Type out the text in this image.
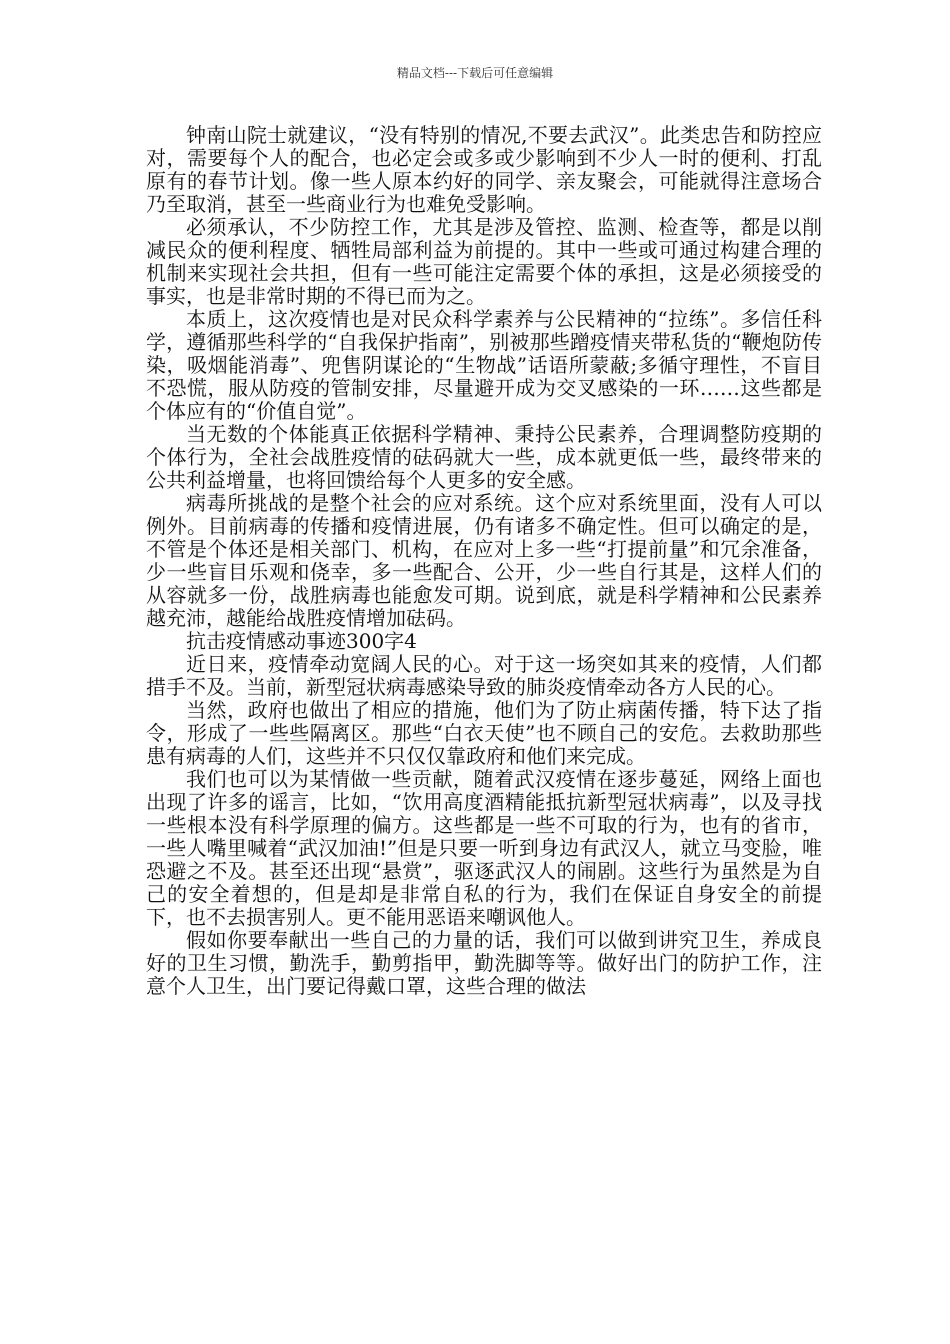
精品文档---下载后可任意编辑

钟南山院士就建议，“没有特别的情况,不要去武汉”。此类忠告和防控应对，需要每个人的配合，也必定会或多或少影响到不少人一时的便利、打乱原有的春节计划。像一些人原本约好的同学、亲友聚会，可能就得注意场合乃至取消，甚至一些商业行为也难免受影响。

必须承认，不少防控工作，尤其是涉及管控、监测、检查等，都是以削减民众的便利程度、牺牲局部利益为前提的。其中一些或可通过构建合理的机制来实现社会共担，但有一些可能注定需要个体的承担，这是必须接受的事实，也是非常时期的不得已而为之。

本质上，这次疫情也是对民众科学素养与公民精神的“拉练”。多信任科学，遵循那些科学的“自我保护指南”，别被那些蹭疫情夹带私货的“鞭炮防传染，吸烟能消毒”、兜售阴谋论的“生物战”话语所蒙蔽;多循守理性，不盲目不恐慌，服从防疫的管制安排，尽量避开成为交叉感染的一环……这些都是个体应有的“价值自觉”。

当无数的个体能真正依据科学精神、秉持公民素养，合理调整防疫期的个体行为，全社会战胜疫情的砝码就大一些，成本就更低一些，最终带来的公共利益增量，也将回馈给每个人更多的安全感。

病毒所挑战的是整个社会的应对系统。这个应对系统里面，没有人可以例外。目前病毒的传播和疫情进展，仍有诸多不确定性。但可以确定的是，不管是个体还是相关部门、机构，在应对上多一些“打提前量”和冗余准备，少一些盲目乐观和侥幸，多一些配合、公开，少一些自行其是，这样人们的从容就多一份，战胜病毒也能愈发可期。说到底，就是科学精神和公民素养越充沛，越能给战胜疫情增加砝码。

抗击疫情感动事迹300字4

近日来，疫情牵动宽阔人民的心。对于这一场突如其来的疫情，人们都措手不及。当前，新型冠状病毒感染导致的肺炎疫情牵动各方人民的心。

当然，政府也做出了相应的措施，他们为了防止病菌传播，特下达了指令，形成了一些些隔离区。那些“白衣天使”也不顾自己的安危。去救助那些患有病毒的人们，这些并不只仅仅靠政府和他们来完成。

我们也可以为某情做一些贡献，随着武汉疫情在逐步蔓延，网络上面也出现了许多的谣言，比如，“饮用高度酒精能抵抗新型冠状病毒”，以及寻找一些根本没有科学原理的偏方。这些都是一些不可取的行为，也有的省市，一些人嘴里喊着“武汉加油!”但是只要一听到身边有武汉人，就立马变脸，唯恐避之不及。甚至还出现“悬赏”，驱逐武汉人的闹剧。这些行为虽然是为自己的安全着想的，但是却是非常自私的行为，我们在保证自身安全的前提下，也不去损害别人。更不能用恶语来嘲讽他人。

假如你要奉献出一些自己的力量的话，我们可以做到讲究卫生，养成良好的卫生习惯，勤洗手，勤剪指甲，勤洗脚等等。做好出门的防护工作，注意个人卫生，出门要记得戴口罩，这些合理的做法
